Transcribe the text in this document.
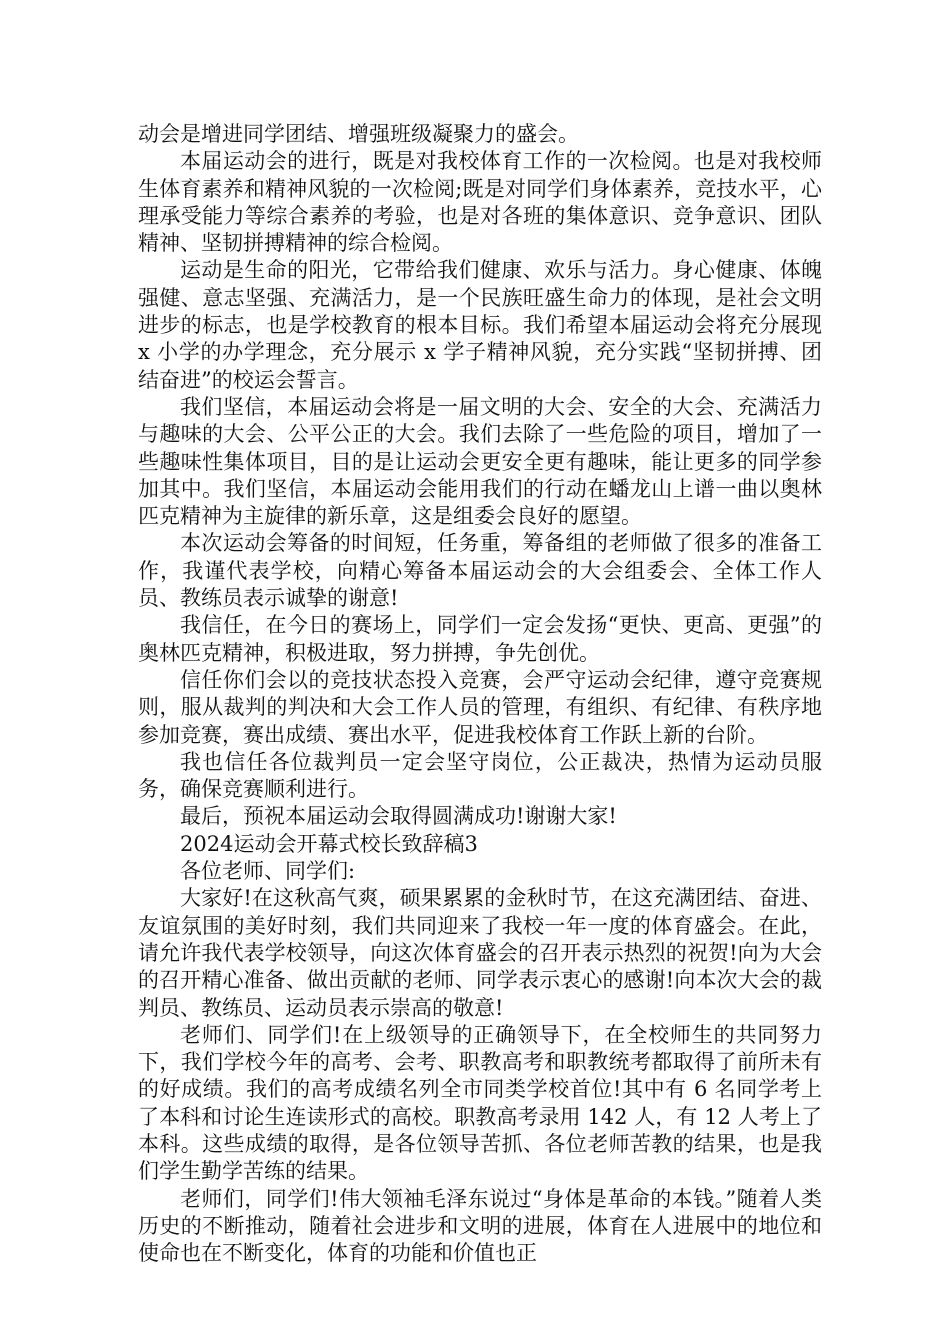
动会是增进同学团结、增强班级凝聚力的盛会。

本届运动会的进行，既是对我校体育工作的一次检阅。也是对我校师生体育素养和精神风貌的一次检阅;既是对同学们身体素养，竞技水平，心理承受能力等综合素养的考验，也是对各班的集体意识、竞争意识、团队精神、坚韧拼搏精神的综合检阅。

运动是生命的阳光，它带给我们健康、欢乐与活力。身心健康、体魄强健、意志坚强、充满活力，是一个民族旺盛生命力的体现，是社会文明进步的标志，也是学校教育的根本目标。我们希望本届运动会将充分展现 x 小学的办学理念，充分展示 x 学子精神风貌，充分实践“坚韧拼搏、团结奋进”的校运会誓言。

我们坚信，本届运动会将是一届文明的大会、安全的大会、充满活力与趣味的大会、公平公正的大会。我们去除了一些危险的项目，增加了一些趣味性集体项目，目的是让运动会更安全更有趣味，能让更多的同学参加其中。我们坚信，本届运动会能用我们的行动在蟠龙山上谱一曲以奥林匹克精神为主旋律的新乐章，这是组委会良好的愿望。

本次运动会筹备的时间短，任务重，筹备组的老师做了很多的准备工作，我谨代表学校，向精心筹备本届运动会的大会组委会、全体工作人员、教练员表示诚挚的谢意!

我信任，在今日的赛场上，同学们一定会发扬“更快、更高、更强”的奥林匹克精神，积极进取，努力拼搏，争先创优。

信任你们会以的竞技状态投入竞赛，会严守运动会纪律，遵守竞赛规则，服从裁判的判决和大会工作人员的管理，有组织、有纪律、有秩序地参加竞赛，赛出成绩、赛出水平，促进我校体育工作跃上新的台阶。

我也信任各位裁判员一定会坚守岗位，公正裁决，热情为运动员服务，确保竞赛顺利进行。

最后，预祝本届运动会取得圆满成功!谢谢大家!

2024运动会开幕式校长致辞稿3

各位老师、同学们:

大家好!在这秋高气爽，硕果累累的金秋时节，在这充满团结、奋进、友谊氛围的美好时刻，我们共同迎来了我校一年一度的体育盛会。在此，请允许我代表学校领导，向这次体育盛会的召开表示热烈的祝贺!向为大会的召开精心准备、做出贡献的老师、同学表示衷心的感谢!向本次大会的裁判员、教练员、运动员表示崇高的敬意!

老师们、同学们!在上级领导的正确领导下，在全校师生的共同努力下，我们学校今年的高考、会考、职教高考和职教统考都取得了前所未有的好成绩。我们的高考成绩名列全市同类学校首位!其中有 6 名同学考上了本科和讨论生连读形式的高校。职教高考录用 142 人，有 12 人考上了本科。这些成绩的取得，是各位领导苦抓、各位老师苦教的结果，也是我们学生勤学苦练的结果。

老师们，同学们!伟大领袖毛泽东说过“身体是革命的本钱。”随着人类历史的不断推动，随着社会进步和文明的进展，体育在人进展中的地位和使命也在不断变化，体育的功能和价值也正
